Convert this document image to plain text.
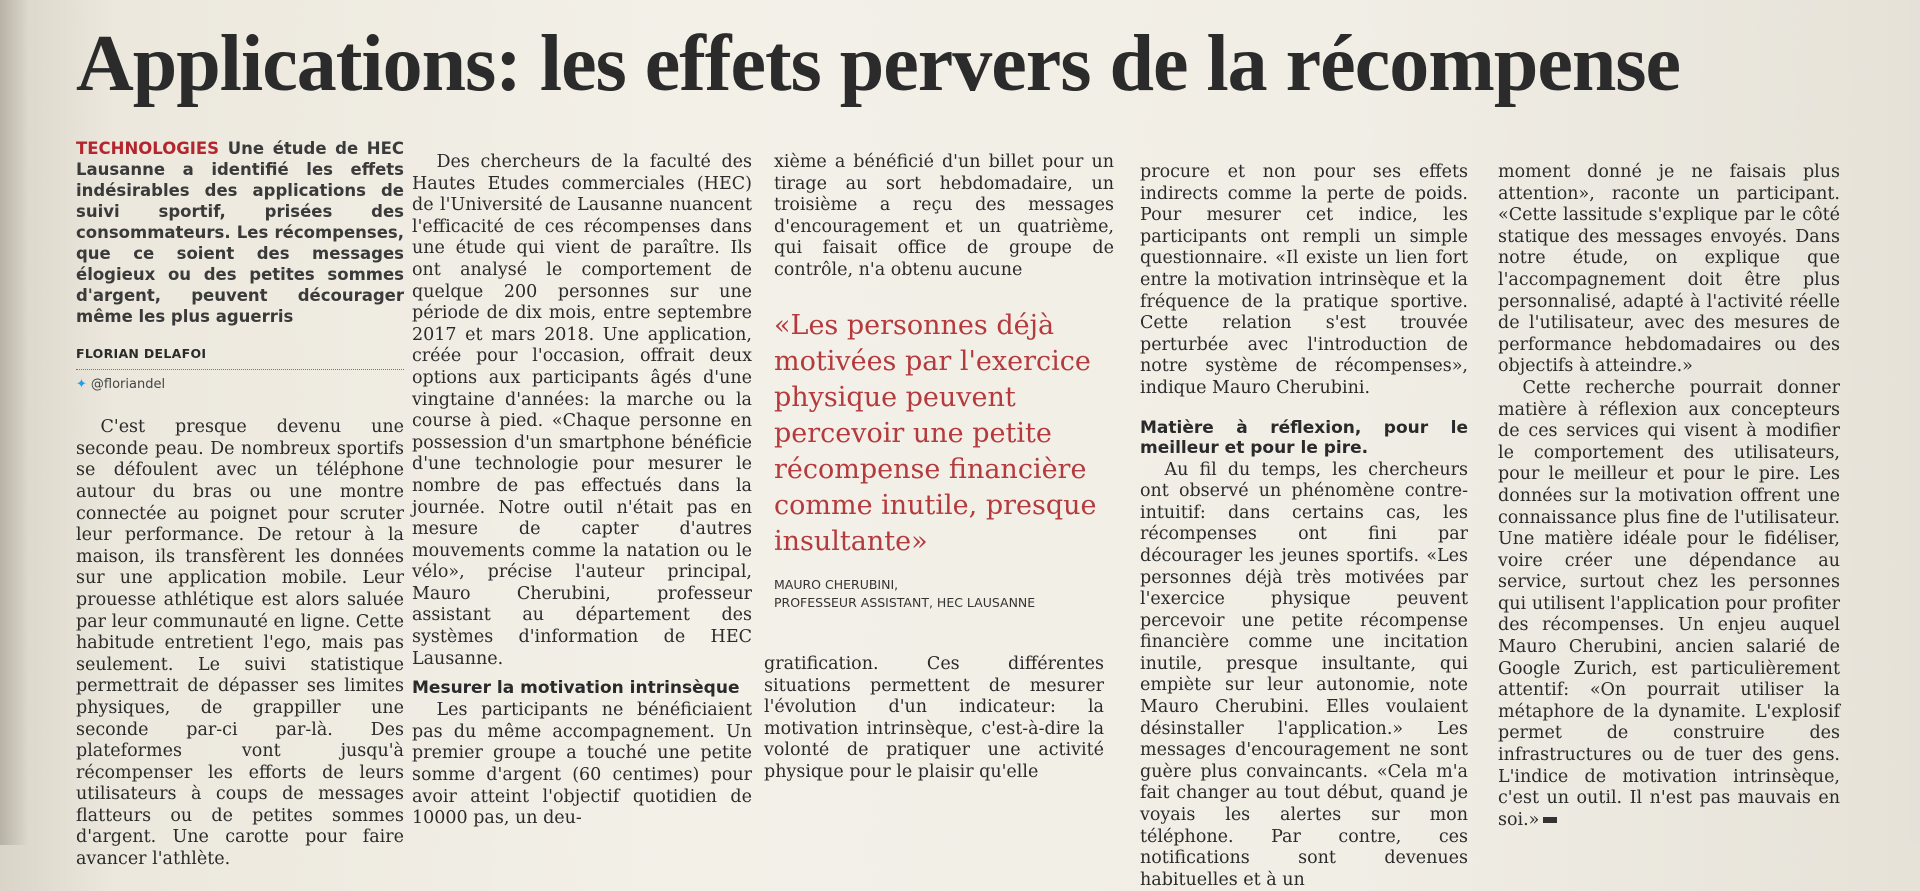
Applications: les effets pervers de la récompense
TECHNOLOGIES Une étude de HEC Lausanne a identifié les effets indésirables des applications de suivi sportif, prisées des consommateurs. Les récompenses, que ce soient des messages élogieux ou des petites sommes d'argent, peuvent décourager même les plus aguerris
FLORIAN DELAFOI
✦ @floriandel

C'est presque devenu une seconde peau. De nombreux sportifs se défoulent avec un téléphone autour du bras ou une montre connectée au poignet pour scruter leur performance. De retour à la maison, ils transfèrent les données sur une application mobile. Leur prouesse athlétique est alors saluée par leur communauté en ligne. Cette habitude entretient l'ego, mais pas seulement. Le suivi statistique permettrait de dépasser ses limites physiques, de grappiller une seconde par-ci par-là. Des plateformes vont jusqu'à récompenser les efforts de leurs utilisateurs à coups de messages flatteurs ou de petites sommes d'argent. Une carotte pour faire avancer l'athlète.

Des chercheurs de la faculté des Hautes Etudes commerciales (HEC) de l'Université de Lausanne nuancent l'efficacité de ces récompenses dans une étude qui vient de paraître. Ils ont analysé le comportement de quelque 200 personnes sur une période de dix mois, entre septembre 2017 et mars 2018. Une application, créée pour l'occasion, offrait deux options aux participants âgés d'une vingtaine d'années: la marche ou la course à pied. «Chaque personne en possession d'un smartphone bénéficie d'une technologie pour mesurer le nombre de pas effectués dans la journée. Notre outil n'était pas en mesure de capter d'autres mouvements comme la natation ou le vélo», précise l'auteur principal, Mauro Cherubini, professeur assistant au département des systèmes d'information de HEC Lausanne.

Mesurer la motivation intrinsèque

Les participants ne bénéficiaient pas du même accompagnement. Un premier groupe a touché une petite somme d'argent (60 centimes) pour avoir atteint l'objectif quotidien de 10000 pas, un deu-

xième a bénéficié d'un billet pour un tirage au sort hebdomadaire, un troisième a reçu des messages d'encouragement et un quatrième, qui faisait office de groupe de contrôle, n'a obtenu aucune

«Les personnes déjà motivées par l'exercice physique peuvent percevoir une petite récompense financière comme inutile, presque insultante»

MAURO CHERUBINI,
PROFESSEUR ASSISTANT, HEC LAUSANNE

gratification. Ces différentes situations permettent de mesurer l'évolution d'un indicateur: la motivation intrinsèque, c'est-à-dire la volonté de pratiquer une activité physique pour le plaisir qu'elle

procure et non pour ses effets indirects comme la perte de poids. Pour mesurer cet indice, les participants ont rempli un simple questionnaire. «Il existe un lien fort entre la motivation intrinsèque et la fréquence de la pratique sportive. Cette relation s'est trouvée perturbée avec l'introduction de notre système de récompenses», indique Mauro Cherubini.

Matière à réflexion, pour le meilleur et pour le pire.

Au fil du temps, les chercheurs ont observé un phénomène contre-intuitif: dans certains cas, les récompenses ont fini par décourager les jeunes sportifs. «Les personnes déjà très motivées par l'exercice physique peuvent percevoir une petite récompense financière comme une incitation inutile, presque insultante, qui empiète sur leur autonomie, note Mauro Cherubini. Elles voulaient désinstaller l'application.» Les messages d'encouragement ne sont guère plus convaincants. «Cela m'a fait changer au tout début, quand je voyais les alertes sur mon téléphone. Par contre, ces notifications sont devenues habituelles et à un

moment donné je ne faisais plus attention», raconte un participant. «Cette lassitude s'explique par le côté statique des messages envoyés. Dans notre étude, on explique que l'accompagnement doit être plus personnalisé, adapté à l'activité réelle de l'utilisateur, avec des mesures de performance hebdomadaires ou des objectifs à atteindre.»

Cette recherche pourrait donner matière à réflexion aux concepteurs de ces services qui visent à modifier le comportement des utilisateurs, pour le meilleur et pour le pire. Les données sur la motivation offrent une connaissance plus fine de l'utilisateur. Une matière idéale pour le fidéliser, voire créer une dépendance au service, surtout chez les personnes qui utilisent l'application pour profiter des récompenses. Un enjeu auquel Mauro Cherubini, ancien salarié de Google Zurich, est particulièrement attentif: «On pourrait utiliser la métaphore de la dynamite. L'explosif permet de construire des infrastructures ou de tuer des gens. L'indice de motivation intrinsèque, c'est un outil. Il n'est pas mauvais en soi.»
